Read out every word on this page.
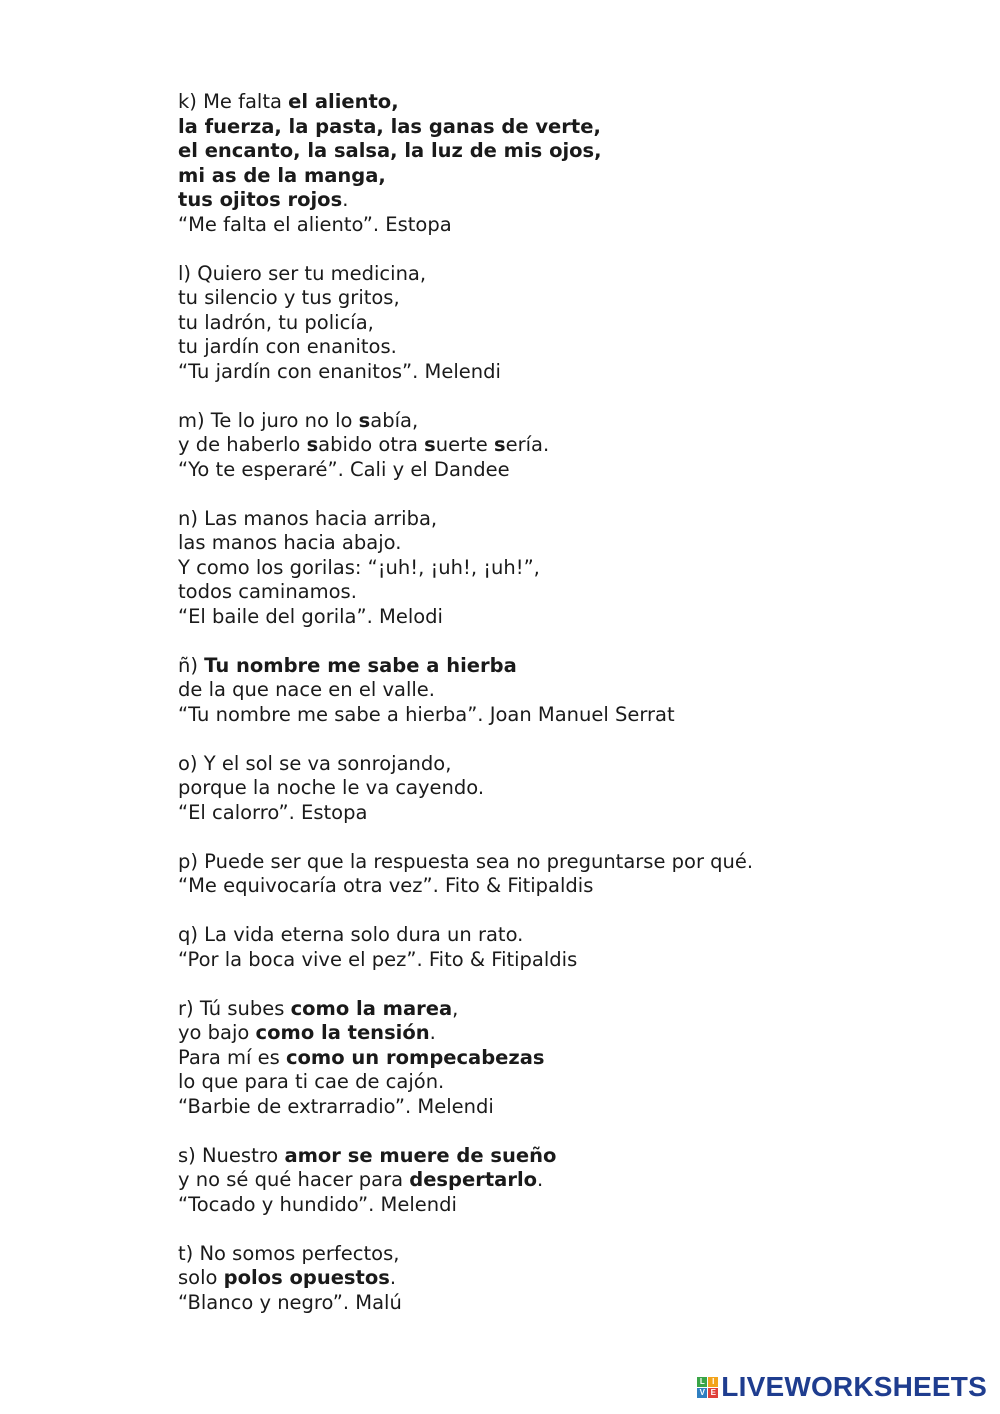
k) Me falta el aliento,
la fuerza, la pasta, las ganas de verte,
el encanto, la salsa, la luz de mis ojos,
mi as de la manga,
tus ojitos rojos.
“Me falta el aliento”. Estopa
l) Quiero ser tu medicina,
tu silencio y tus gritos,
tu ladrón, tu policía,
tu jardín con enanitos.
“Tu jardín con enanitos”. Melendi
m) Te lo juro no lo sabía,
y de haberlo sabido otra suerte sería.
“Yo te esperaré”. Cali y el Dandee
n) Las manos hacia arriba,
las manos hacia abajo.
Y como los gorilas: “¡uh!, ¡uh!, ¡uh!”,
todos caminamos.
“El baile del gorila”. Melodi
ñ) Tu nombre me sabe a hierba
de la que nace en el valle.
“Tu nombre me sabe a hierba”. Joan Manuel Serrat
o) Y el sol se va sonrojando,
porque la noche le va cayendo.
“El calorro”. Estopa
p) Puede ser que la respuesta sea no preguntarse por qué.
“Me equivocaría otra vez”. Fito & Fitipaldis
q) La vida eterna solo dura un rato.
“Por la boca vive el pez”. Fito & Fitipaldis
r) Tú subes como la marea,
yo bajo como la tensión.
Para mí es como un rompecabezas
lo que para ti cae de cajón.
“Barbie de extrarradio”. Melendi
s) Nuestro amor se muere de sueño
y no sé qué hacer para despertarlo.
“Tocado y hundido”. Melendi
t) No somos perfectos,
solo polos opuestos.
“Blanco y negro”. Malú
L I
V E LIVEWORKSHEETS
